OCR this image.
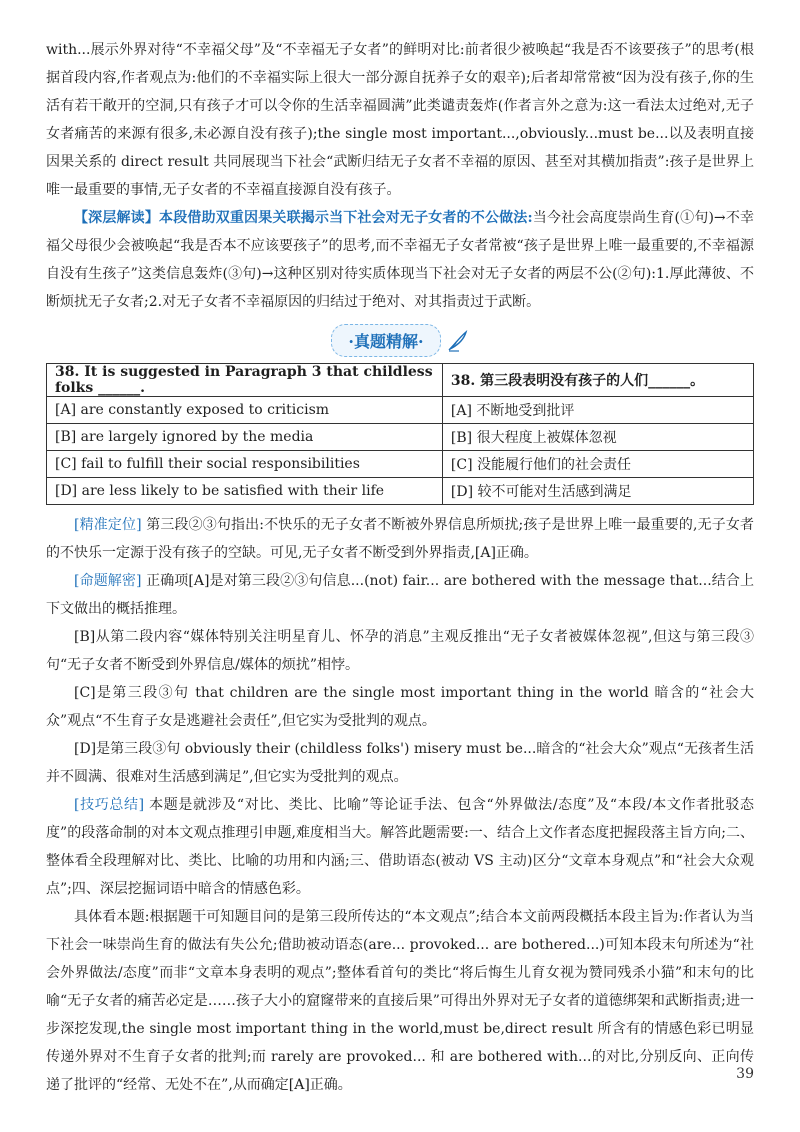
with...展示外界对待“不幸福父母”及“不幸福无子女者”的鲜明对比:前者很少被唤起“我是否不该要孩子”的思考(根据首段内容,作者观点为:他们的不幸福实际上很大一部分源自抚养子女的艰辛);后者却常常被“因为没有孩子,你的生活有若干敞开的空洞,只有孩子才可以令你的生活幸福圆满”此类谴责轰炸(作者言外之意为:这一看法太过绝对,无子女者痛苦的来源有很多,未必源自没有孩子);the single most important...,obviously...must be...以及表明直接因果关系的 direct result 共同展现当下社会“武断归结无子女者不幸福的原因、甚至对其横加指责”:孩子是世界上唯一最重要的事情,无子女者的不幸福直接源自没有孩子。

【深层解读】本段借助双重因果关联揭示当下社会对无子女者的不公做法:当今社会高度崇尚生育(①句)→不幸福父母很少会被唤起“我是否本不应该要孩子”的思考,而不幸福无子女者常被“孩子是世界上唯一最重要的,不幸福源自没有生孩子”这类信息轰炸(③句)→这种区别对待实质体现当下社会对无子女者的两层不公(②句):1.厚此薄彼、不断烦扰无子女者;2.对无子女者不幸福原因的归结过于绝对、对其指责过于武断。

·真题精解·
38. It is suggested in Paragraph 3 that childless folks ______.	38. 第三段表明没有孩子的人们______。
[A] are constantly exposed to criticism	[A] 不断地受到批评
[B] are largely ignored by the media	[B] 很大程度上被媒体忽视
[C] fail to fulfill their social responsibilities	[C] 没能履行他们的社会责任
[D] are less likely to be satisfied with their life	[D] 较不可能对生活感到满足

[精准定位] 第三段②③句指出:不快乐的无子女者不断被外界信息所烦扰;孩子是世界上唯一最重要的,无子女者的不快乐一定源于没有孩子的空缺。可见,无子女者不断受到外界指责,[A]正确。

[命题解密] 正确项[A]是对第三段②③句信息...(not) fair... are bothered with the message that...结合上下文做出的概括推理。

[B]从第二段内容“媒体特别关注明星育儿、怀孕的消息”主观反推出“无子女者被媒体忽视”,但这与第三段③句“无子女者不断受到外界信息/媒体的烦扰”相悖。

[C]是第三段③句 that children are the single most important thing in the world 暗含的“社会大众”观点“不生育子女是逃避社会责任”,但它实为受批判的观点。

[D]是第三段③句 obviously their (childless folks') misery must be...暗含的“社会大众”观点“无孩者生活并不圆满、很难对生活感到满足”,但它实为受批判的观点。

[技巧总结] 本题是就涉及“对比、类比、比喻”等论证手法、包含“外界做法/态度”及“本段/本文作者批驳态度”的段落命制的对本文观点推理引申题,难度相当大。解答此题需要:一、结合上文作者态度把握段落主旨方向;二、整体看全段理解对比、类比、比喻的功用和内涵;三、借助语态(被动 VS 主动)区分“文章本身观点”和“社会大众观点”;四、深层挖掘词语中暗含的情感色彩。

具体看本题:根据题干可知题目问的是第三段所传达的“本文观点”;结合本文前两段概括本段主旨为:作者认为当下社会一味崇尚生育的做法有失公允;借助被动语态(are... provoked... are bothered...)可知本段末句所述为“社会外界做法/态度”而非“文章本身表明的观点”;整体看首句的类比“将后悔生儿育女视为赞同残杀小猫”和末句的比喻“无子女者的痛苦必定是……孩子大小的窟窿带来的直接后果”可得出外界对无子女者的道德绑架和武断指责;进一步深挖发现,the single most important thing in the world,must be,direct result 所含有的情感色彩已明显传递外界对不生育子女者的批判;而 rarely are provoked... 和 are bothered with...的对比,分别反向、正向传递了批评的“经常、无处不在”,从而确定[A]正确。

39
